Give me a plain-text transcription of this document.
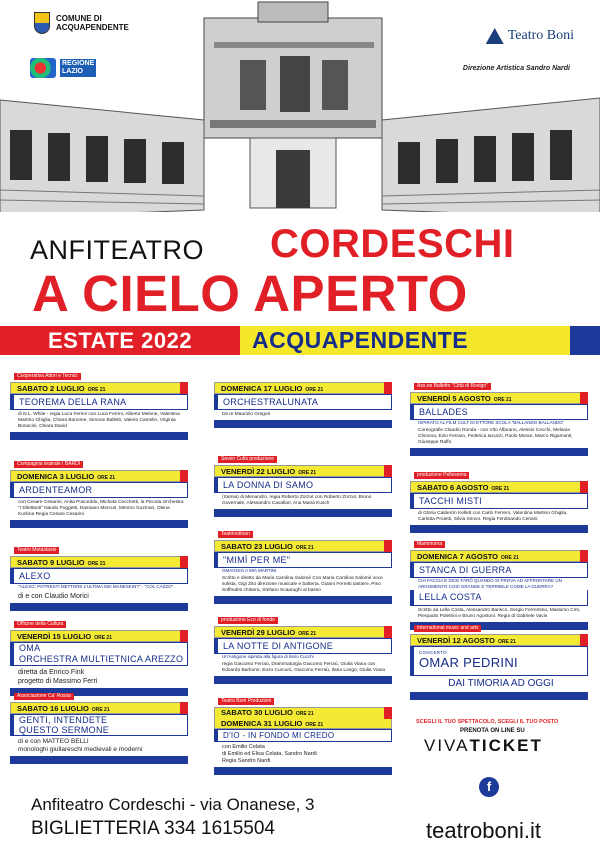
COMUNE DI
ACQUAPENDENTE
REGIONE
LAZIO
Teatro Boni
Direzione Artistica Sandro Nardi
ANFITEATRO CORDESCHI
A CIELO APERTO
ESTATE 2022	ACQUAPENDENTE
Cooperativa Attori e Tecnici
SABATO 2 LUGLIO ORE 21
TEOREMA DELLA RANA
di N.L. White - regia Luca Ferrini con Luca Ferrini, Alberto Melone, Valentina Martino Ghiglia, Chiara Bonome, Simone Balletti, Valerio Camelin, Virginia Bonacini, Chiara David
Compagnia teatrale I BARDI
DOMENICA 3 LUGLIO ORE 21
ARDENTEAMOR
con Cesare Cesarini, Anita Pusceddu, Michela Cecchetti, la Piccola Orchestra "I Dilettanti" Nando Poggetti, Damiano Mercuri, Mimmo Guzman, Olena Kurkina Regia Cesare Cesarini
Teatro Metastasio
SABATO 9 LUGLIO ORE 21
ALEXO
"ALEXO: POTRESTI METTERE L'ULTIMA DEI MANESKIN?" - "COL CAZZO"
di e con Claudio Morici
Officine della Cultura
VENERDÌ 15 LUGLIO ORE 21
OMA
ORCHESTRA MULTIETNICA AREZZO
diretta da Enrico Fink
progetto di Massimo Ferri
Associazione Ca' Rossa
SABATO 16 LUGLIO ORE 21
GENTI, INTENDETE
QUESTO SERMONE
di e con MATTEO BELLI
monologhi giullareschi medievali e moderni
DOMENICA 17 LUGLIO ORE 21
ORCHESTRALUNATA
Dir.re Maurizio Gregori
Seven Cults produzione
VENERDÌ 22 LUGLIO ORE 21
LA DONNA DI SAMO
(Samia) di Menandro, regia Roberto Zorzut con Roberto Zorzut, Bruno Governale, Alessandro Cavallari, Ana Maria Kusch
Teatrinottoon
SABATO 23 LUGLIO ORE 21
"MIMÌ PER ME"
OMAGGIO A MIA MARTINI
Scritto e diretto da Maria Carolina Salomè Con Maria Carolina Salomè voce solista, Gigi Zito direzione musicale e batteria, Gianni Ferretti tastiere, Pino Soffredini chitarra, Stefano Scaarughi al basso
produzione Eco di fondo
VENERDÌ 29 LUGLIO ORE 21
LA NOTTE DI ANTIGONE
Un'Antigone ispirata alla figura di Ilario Cucchi
regia Giacomo Ferraù, Drammaturgia Giacomo Ferraù, Giulia Viana con Edoardo Barbone, Enzo Curcurù, Giacomo Ferraù, Ilaria Longo, Giulia Viana
Teatro Boni Produzioni
SABATO 30 LUGLIO ORE 21
DOMENICA 31 LUGLIO ORE 21
D'IO - IN FONDO MI CREDO
con Emilio Celata
di Emilio ed Elisa Celata, Sandro Nardi
Regia Sandro Nardi
Ass.ne Balletto "Città di Rovigo"
VENERDÌ 5 AGOSTO ORE 21
BALLADES
ISPIRATO AL FILM CULT DI ETTORE SCOLA "BALLANDO BALLANDO"
Coreografie Claudio Ronda - con Vito Alfarano, Alessio Cecchi, Melania Chionna, Ezio Ferraro, Federica Iacuzzi, Paolo Moran, Marco Rigamonti, Giuseppe Raffo
produzione Pellesema
SABATO 6 AGOSTO ORE 21
TACCHI MISTI
di Gloria Calderón Kellett con Carlo Ferrero, Valentina Martino Ghiglia, Carlotta Proietti, Silvia Sirovo. Regia Ferdinando Ceriani
Mammoma
DOMENICA 7 AGOSTO ORE 21
STANCA DI GUERRA
CHI FACCIA E DICE FARÒ QUANDO SI PROVA AD AFFRONTARE UN ARGOMENTO COSÌ GRANDE E TERRIBILE COME LA GUERRA?
LELLA COSTA
Scritto da Lella Costa, Alessandro Barisco, Sergio Ferrentino, Massimo Cirri, Pierpaolo Poletrini e Bruno Agostoni. Regia di Gabriele Vacis
International music and arts
VENERDÌ 12 AGOSTO ORE 21
CONCERTO
OMAR PEDRINI
DAI TIMORIA AD OGGI
SCEGLI IL TUO SPETTACOLO, SCEGLI IL TUO POSTO
PRENOTA ON LINE SU
VIVATICKET
f
Anfiteatro Cordeschi - via Onanese, 3
BIGLIETTERIA 334 1615504	teatroboni.it
